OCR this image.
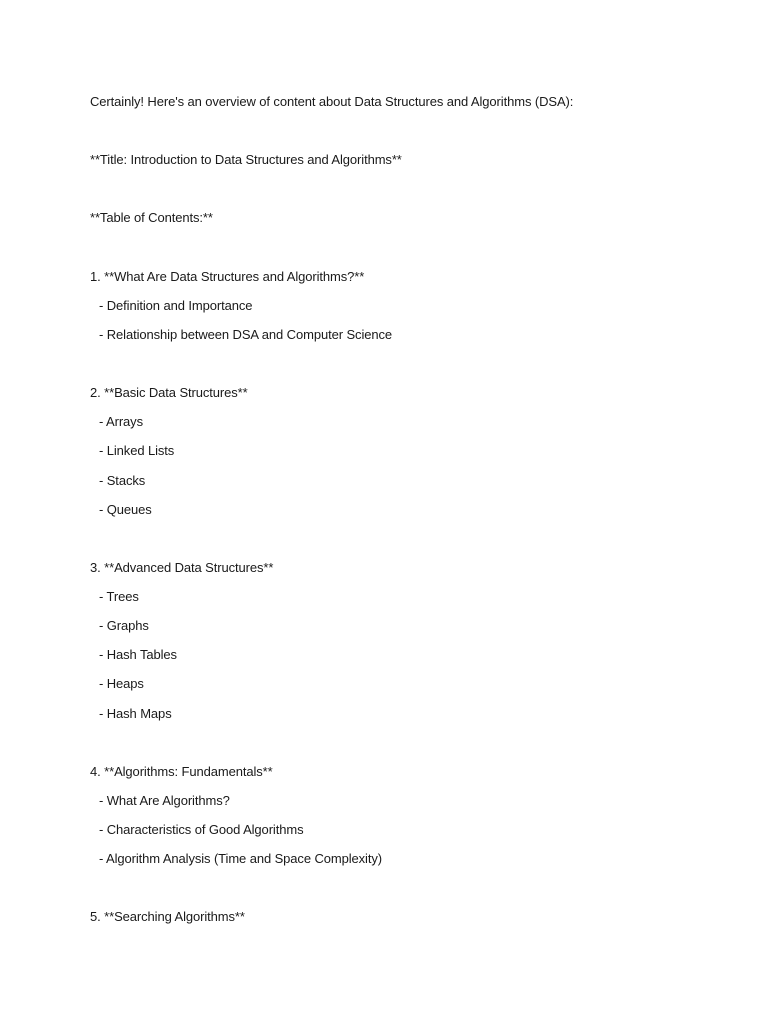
Certainly! Here's an overview of content about Data Structures and Algorithms (DSA):
**Title: Introduction to Data Structures and Algorithms**
**Table of Contents:**
1. **What Are Data Structures and Algorithms?**
- Definition and Importance
- Relationship between DSA and Computer Science
2. **Basic Data Structures**
- Arrays
- Linked Lists
- Stacks
- Queues
3. **Advanced Data Structures**
- Trees
- Graphs
- Hash Tables
- Heaps
- Hash Maps
4. **Algorithms: Fundamentals**
- What Are Algorithms?
- Characteristics of Good Algorithms
- Algorithm Analysis (Time and Space Complexity)
5. **Searching Algorithms**
